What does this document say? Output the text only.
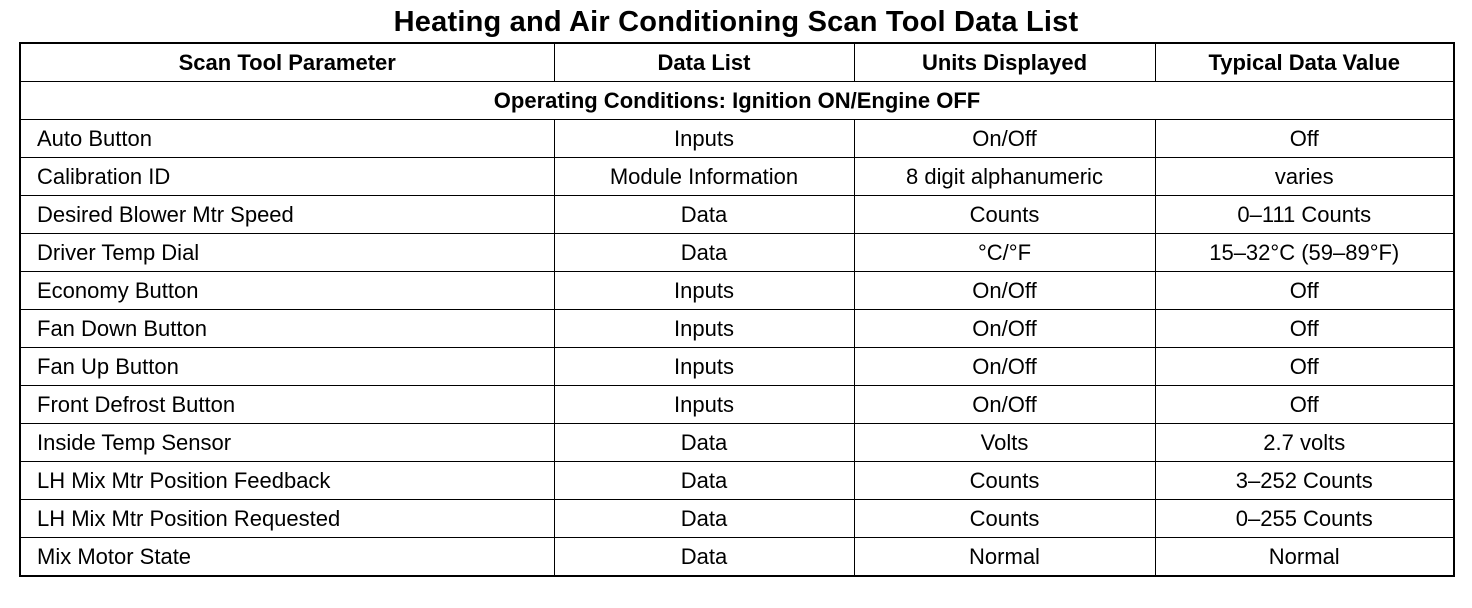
Heating and Air Conditioning Scan Tool Data List
Scan Tool Parameter	Data List	Units Displayed	Typical Data Value
Operating Conditions: Ignition ON/Engine OFF			
Auto Button	Inputs	On/Off	Off
Calibration ID	Module Information	8 digit alphanumeric	varies
Desired Blower Mtr Speed	Data	Counts	0–111 Counts
Driver Temp Dial	Data	°C/°F	15–32°C (59–89°F)
Economy Button	Inputs	On/Off	Off
Fan Down Button	Inputs	On/Off	Off
Fan Up Button	Inputs	On/Off	Off
Front Defrost Button	Inputs	On/Off	Off
Inside Temp Sensor	Data	Volts	2.7 volts
LH Mix Mtr Position Feedback	Data	Counts	3–252 Counts
LH Mix Mtr Position Requested	Data	Counts	0–255 Counts
Mix Motor State	Data	Normal	Normal
